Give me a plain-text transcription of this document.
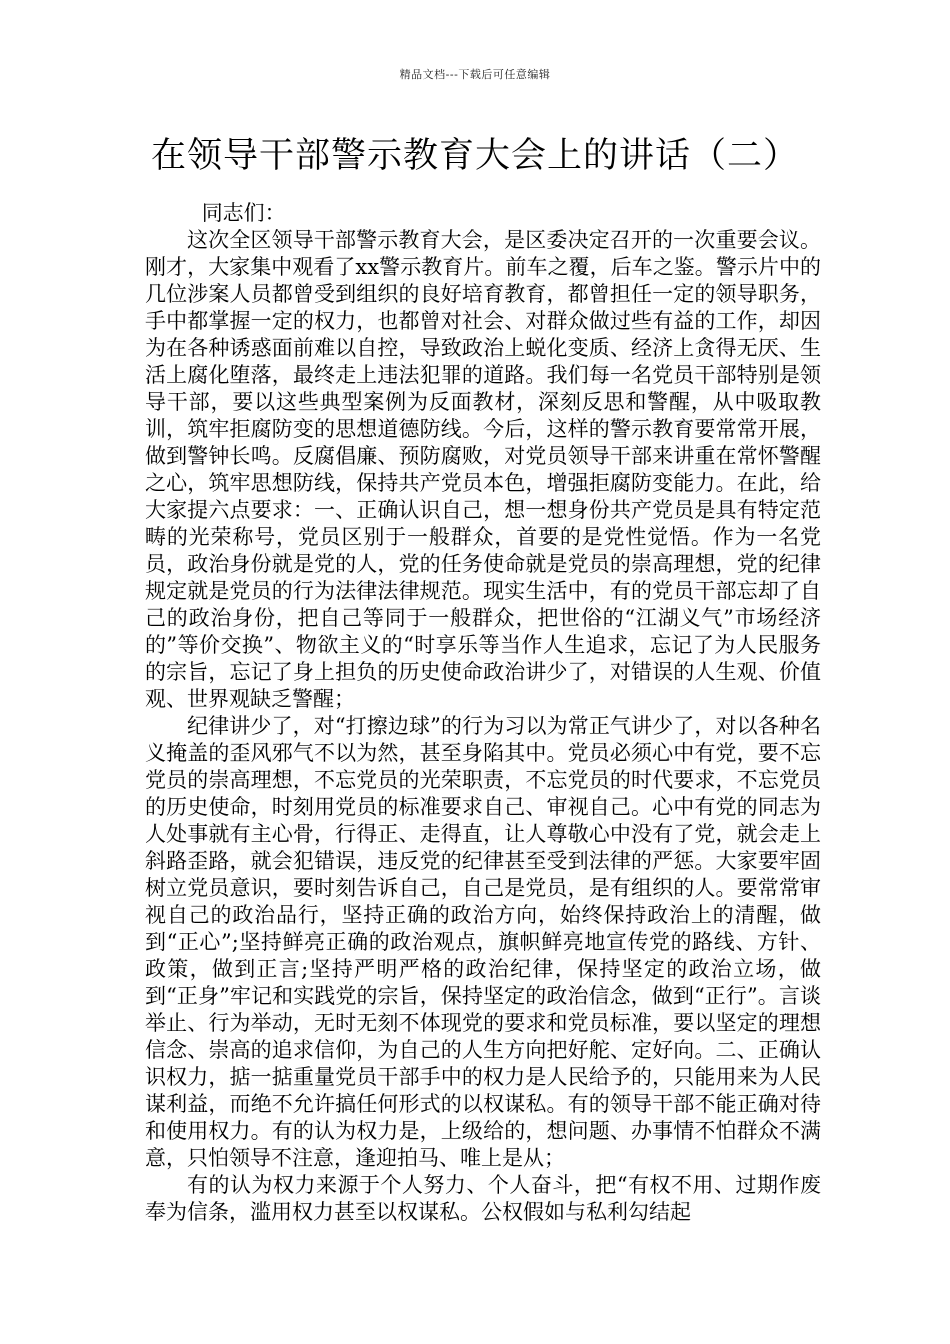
精品文档---下载后可任意编辑
在领导干部警示教育大会上的讲话（二）

同志们：

这次全区领导干部警示教育大会，是区委决定召开的一次重要会议。刚才，大家集中观看了xx警示教育片。前车之覆，后车之鉴。警示片中的几位涉案人员都曾受到组织的良好培育教育，都曾担任一定的领导职务，手中都掌握一定的权力，也都曾对社会、对群众做过些有益的工作，却因为在各种诱惑面前难以自控，导致政治上蜕化变质、经济上贪得无厌、生活上腐化堕落，最终走上违法犯罪的道路。我们每一名党员干部特别是领导干部，要以这些典型案例为反面教材，深刻反思和警醒，从中吸取教训，筑牢拒腐防变的思想道德防线。今后，这样的警示教育要常常开展，做到警钟长鸣。反腐倡廉、预防腐败，对党员领导干部来讲重在常怀警醒之心，筑牢思想防线，保持共产党员本色，增强拒腐防变能力。在此，给大家提六点要求：一、正确认识自己，想一想身份共产党员是具有特定范畴的光荣称号，党员区别于一般群众，首要的是党性觉悟。作为一名党员，政治身份就是党的人，党的任务使命就是党员的崇高理想，党的纪律规定就是党员的行为法律法律规范。现实生活中，有的党员干部忘却了自己的政治身份，把自己等同于一般群众，把世俗的“江湖义气”市场经济的”等价交换”、物欲主义的“时享乐等当作人生追求，忘记了为人民服务的宗旨，忘记了身上担负的历史使命政治讲少了，对错误的人生观、价值观、世界观缺乏警醒；

纪律讲少了，对“打擦边球”的行为习以为常正气讲少了，对以各种名义掩盖的歪风邪气不以为然，甚至身陷其中。党员必须心中有党，要不忘党员的崇高理想，不忘党员的光荣职责，不忘党员的时代要求，不忘党员的历史使命，时刻用党员的标准要求自己、审视自己。心中有党的同志为人处事就有主心骨，行得正、走得直，让人尊敬心中没有了党，就会走上斜路歪路，就会犯错误，违反党的纪律甚至受到法律的严惩。大家要牢固树立党员意识，要时刻告诉自己，自己是党员，是有组织的人。要常常审视自己的政治品行，坚持正确的政治方向，始终保持政治上的清醒，做到“正心”;坚持鲜亮正确的政治观点，旗帜鲜亮地宣传党的路线、方针、政策，做到正言;坚持严明严格的政治纪律，保持坚定的政治立场，做到“正身”牢记和实践党的宗旨，保持坚定的政治信念，做到“正行”。言谈举止、行为举动，无时无刻不体现党的要求和党员标准，要以坚定的理想信念、崇高的追求信仰，为自己的人生方向把好舵、定好向。二、正确认识权力，掂一掂重量党员干部手中的权力是人民给予的，只能用来为人民谋利益，而绝不允许搞任何形式的以权谋私。有的领导干部不能正确对待和使用权力。有的认为权力是，上级给的，想问题、办事情不怕群众不满意，只怕领导不注意，逢迎拍马、唯上是从；

有的认为权力来源于个人努力、个人奋斗，把“有权不用、过期作废奉为信条，滥用权力甚至以权谋私。公权假如与私利勾结起
